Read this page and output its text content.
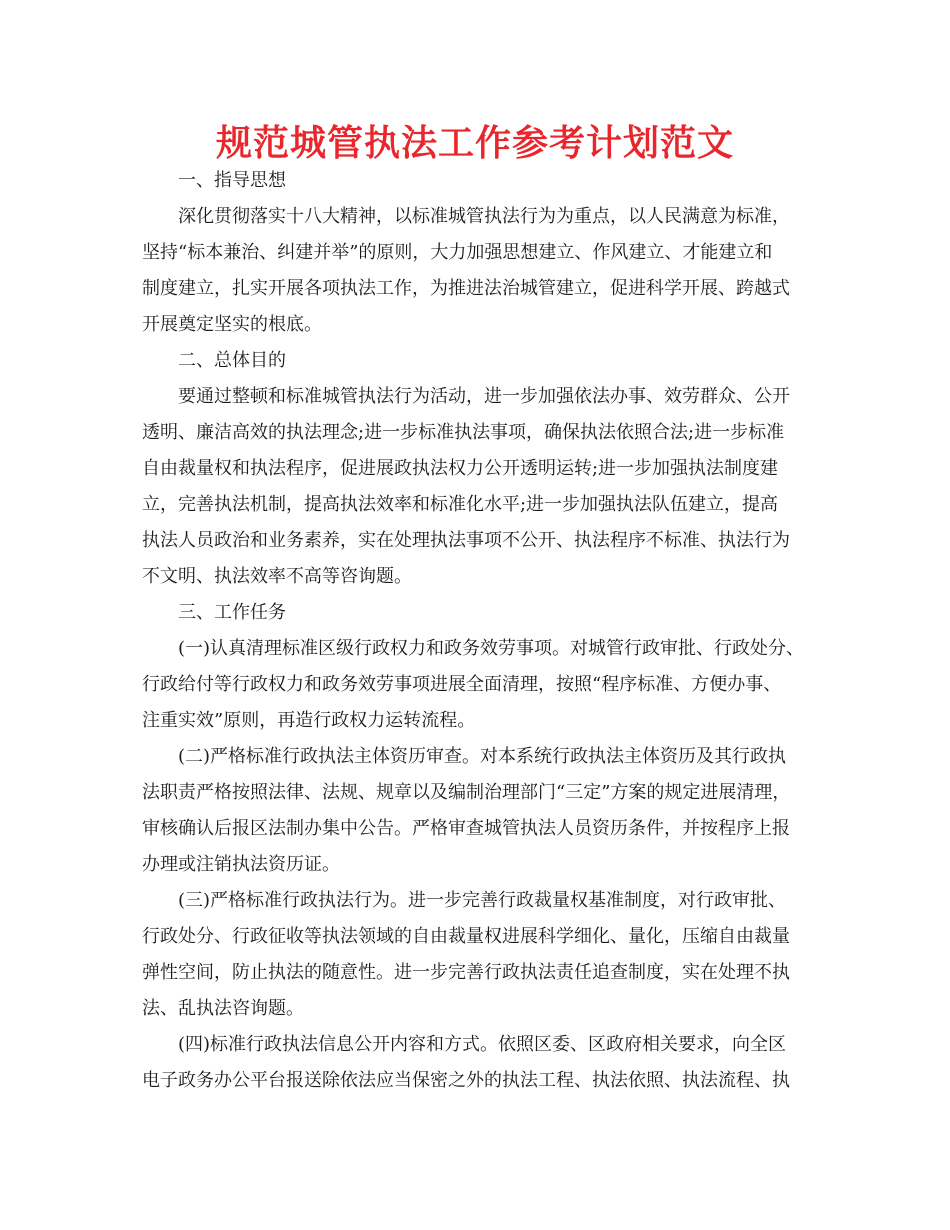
规范城管执法工作参考计划范文

一、指导思想

深化贯彻落实十八大精神，以标准城管执法行为为重点，以人民满意为标准，

坚持“标本兼治、纠建并举”的原则，大力加强思想建立、作风建立、才能建立和

制度建立，扎实开展各项执法工作，为推进法治城管建立，促进科学开展、跨越式

开展奠定坚实的根底。

二、总体目的

要通过整顿和标准城管执法行为活动，进一步加强依法办事、效劳群众、公开

透明、廉洁高效的执法理念;进一步标准执法事项，确保执法依照合法;进一步标准

自由裁量权和执法程序，促进展政执法权力公开透明运转;进一步加强执法制度建

立，完善执法机制，提高执法效率和标准化水平;进一步加强执法队伍建立，提高

执法人员政治和业务素养，实在处理执法事项不公开、执法程序不标准、执法行为

不文明、执法效率不高等咨询题。

三、工作任务

(一)认真清理标准区级行政权力和政务效劳事项。对城管行政审批、行政处分、

行政给付等行政权力和政务效劳事项进展全面清理，按照“程序标准、方便办事、

注重实效”原则，再造行政权力运转流程。

(二)严格标准行政执法主体资历审查。对本系统行政执法主体资历及其行政执

法职责严格按照法律、法规、规章以及编制治理部门“三定”方案的规定进展清理，

审核确认后报区法制办集中公告。严格审查城管执法人员资历条件，并按程序上报

办理或注销执法资历证。

(三)严格标准行政执法行为。进一步完善行政裁量权基准制度，对行政审批、

行政处分、行政征收等执法领域的自由裁量权进展科学细化、量化，压缩自由裁量

弹性空间，防止执法的随意性。进一步完善行政执法责任追查制度，实在处理不执

法、乱执法咨询题。

(四)标准行政执法信息公开内容和方式。依照区委、区政府相关要求，向全区

电子政务办公平台报送除依法应当保密之外的执法工程、执法依照、执法流程、执
